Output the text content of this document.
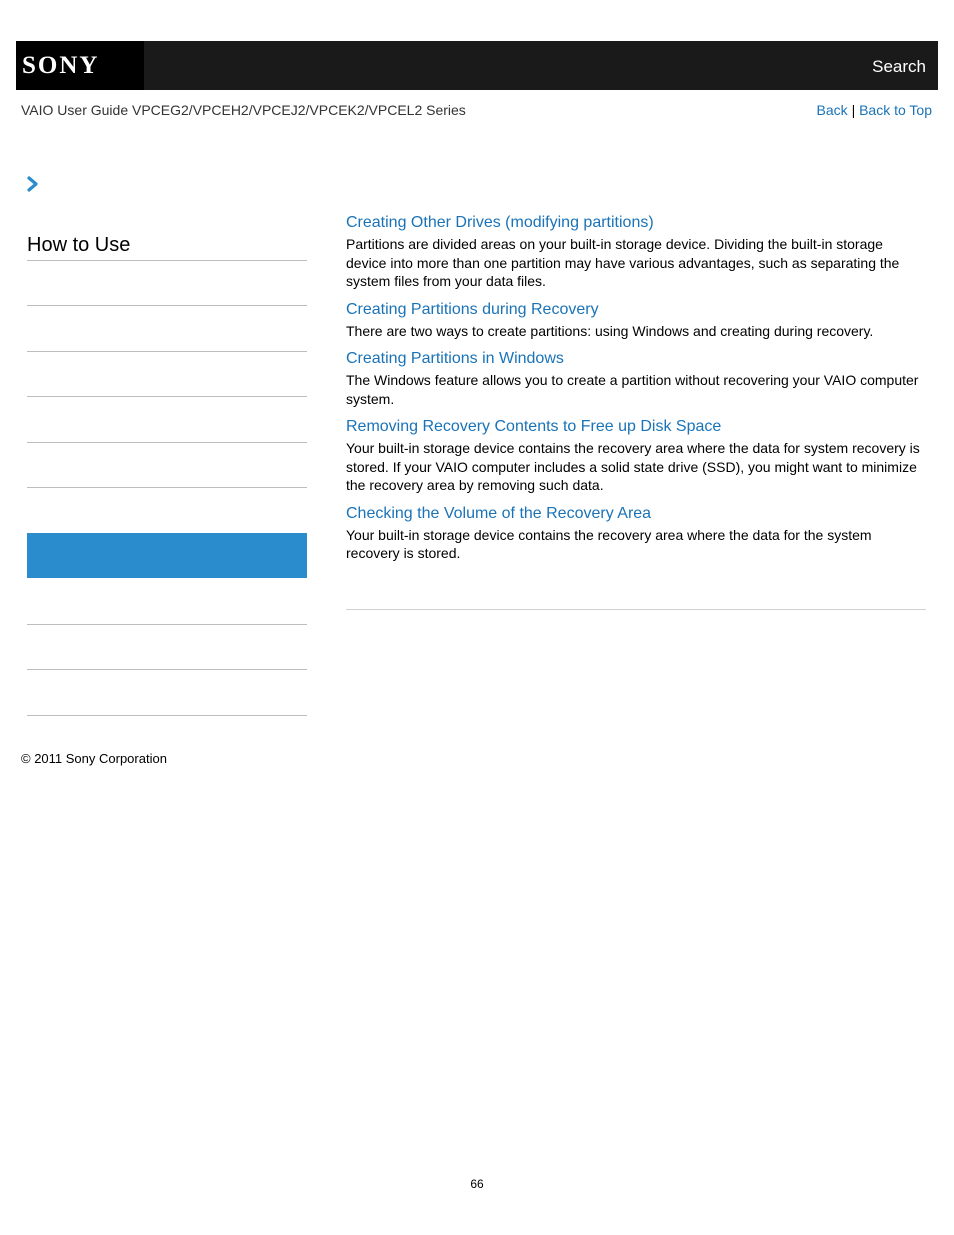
SONY	Search
VAIO User Guide VPCEG2/VPCEH2/VPCEJ2/VPCEK2/VPCEL2 Series	Back | Back to Top
How to Use
Creating Other Drives (modifying partitions)

Partitions are divided areas on your built-in storage device. Dividing the built-in storage device into more than one partition may have various advantages, such as separating the system files from your data files.

Creating Partitions during Recovery

There are two ways to create partitions: using Windows and creating during recovery.

Creating Partitions in Windows

The Windows feature allows you to create a partition without recovering your VAIO computer system.

Removing Recovery Contents to Free up Disk Space

Your built-in storage device contains the recovery area where the data for system recovery is stored. If your VAIO computer includes a solid state drive (SSD), you might want to minimize the recovery area by removing such data.

Checking the Volume of the Recovery Area

Your built-in storage device contains the recovery area where the data for the system recovery is stored.

© 2011 Sony Corporation
66
